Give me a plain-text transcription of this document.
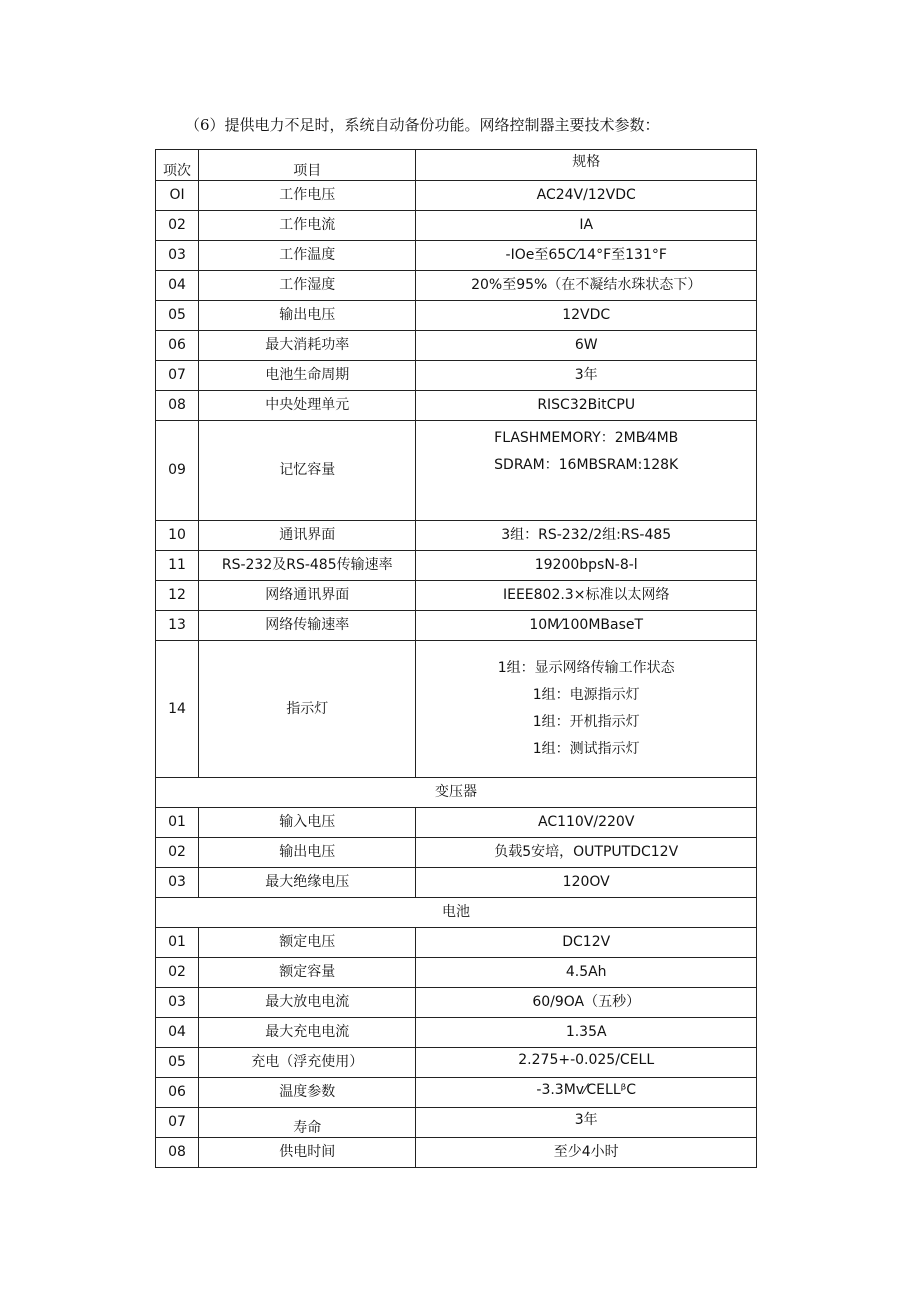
（6）提供电力不足时，系统自动备份功能。网络控制器主要技术参数：
项次	项目	规格
OI	工作电压	AC24V/12VDC
02	工作电流	IA
03	工作温度	-IOe至65C⁄14°F至131°F
04	工作湿度	20%至95%（在不凝结水珠状态下）
05	输出电压	12VDC
06	最大消耗功率	6W
07	电池生命周期	3年
08	中央处理单元	RISC32BitCPU
09	记忆容量	FLASHMEMORY：2MB⁄4MB
SDRAM：16MBSRAM:128K

10	通讯界面	3组：RS-232/2组:RS-485
11	RS-232及RS-485传输速率	19200bpsN-8-l
12	网络通讯界面	IEEE802.3×标准以太网络
13	网络传输速率	10M⁄100MBaseT
14	指示灯	1组：显示网络传输工作状态
1组：电源指示灯
1组：开机指示灯
1组：测试指示灯

变压器		
01	输入电压	AC110V/220V
02	输出电压	负载5安培，OUTPUTDC12V
03	最大绝缘电压	120OV
电池		
01	额定电压	DC12V
02	额定容量	4.5Ah
03	最大放电电流	60/9OA（五秒）
04	最大充电电流	1.35A
05	充电（浮充使用）	2.275+-0.025/CELL
06	温度参数	-3.3Mv⁄CELLᵝC
07	寿命	3年
08	供电时间	至少4小时
